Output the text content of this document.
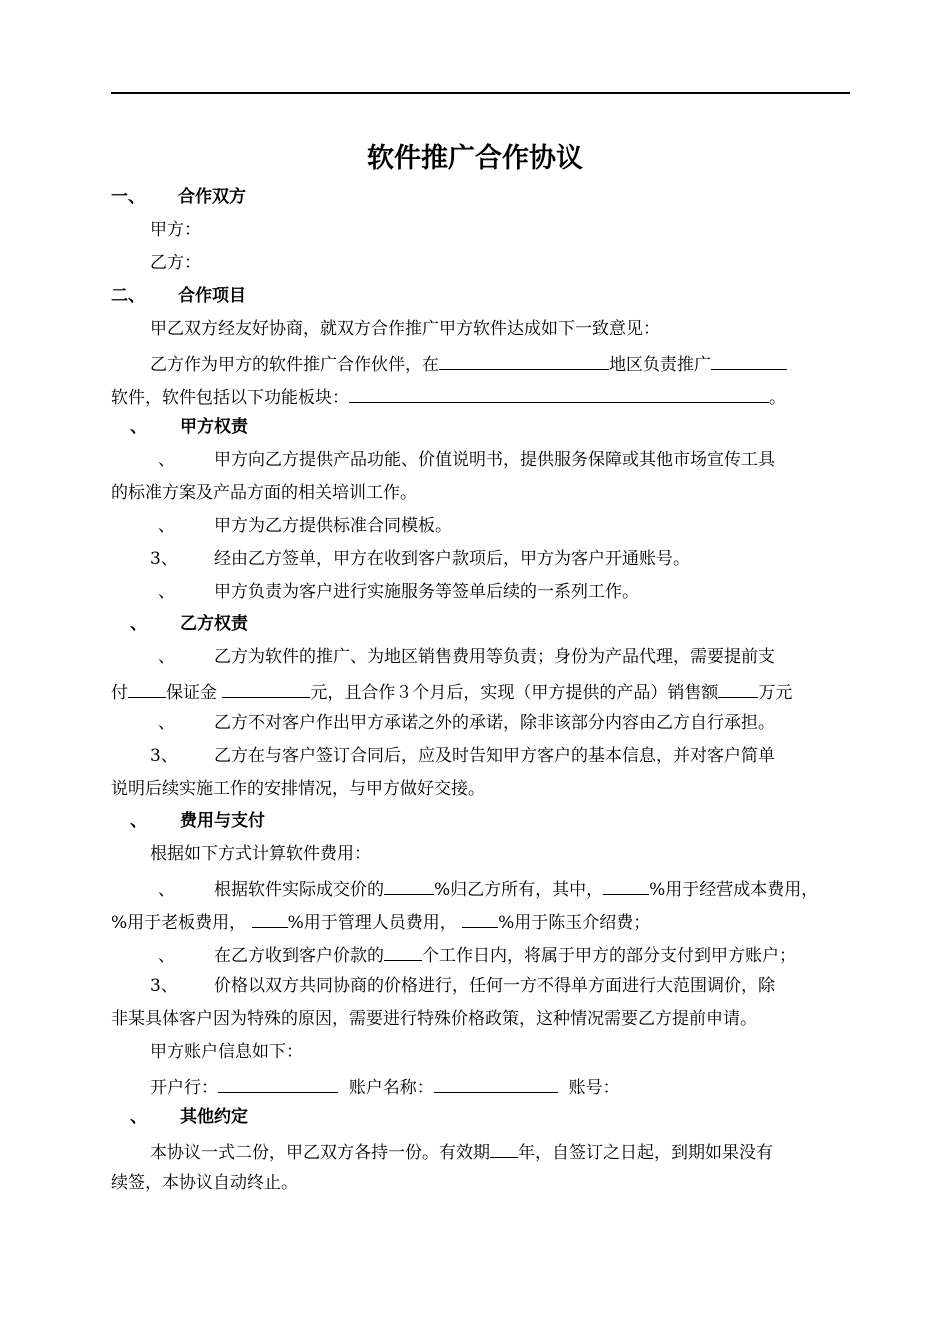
软件推广合作协议
一、 合作双方
甲方：
乙方：
二、 合作项目
甲乙双方经友好协商，就双方合作推广甲方软件达成如下一致意见：
乙方作为甲方的软件推广合作伙伴，在	地区负责推广
软件，软件包括以下功能板块：	。
、 甲方权责
、 甲方向乙方提供产品功能、价值说明书，提供服务保障或其他市场宣传工具
的标准方案及产品方面的相关培训工作。
、 甲方为乙方提供标准合同模板。
3、 经由乙方签单，甲方在收到客户款项后，甲方为客户开通账号。
、 甲方负责为客户进行实施服务等签单后续的一系列工作。
、 乙方权责
、 乙方为软件的推广、为地区销售费用等负责；身份为产品代理，需要提前支
付 保证金	元，且合作３个月后，实现（甲方提供的产品）销售额 万元
、 乙方不对客户作出甲方承诺之外的承诺，除非该部分内容由乙方自行承担。
3、 乙方在与客户签订合同后，应及时告知甲方客户的基本信息，并对客户简单
说明后续实施工作的安排情况，与甲方做好交接。
、 费用与支付
根据如下方式计算软件费用：
、 根据软件实际成交价的	%归乙方所有，其中，	%用于经营成本费用，
%用于老板费用， %用于管理人员费用， %用于陈玉介绍费；
、 在乙方收到客户价款的 个工作日内，将属于甲方的部分支付到甲方账户；
3、 价格以双方共同协商的价格进行，任何一方不得单方面进行大范围调价，除
非某具体客户因为特殊的原因，需要进行特殊价格政策，这种情况需要乙方提前申请。
甲方账户信息如下：
开户行：	账户名称：	账号：
、 其他约定
本协议一式二份，甲乙双方各持一份。有效期 年，自签订之日起，到期如果没有
续签，本协议自动终止。
